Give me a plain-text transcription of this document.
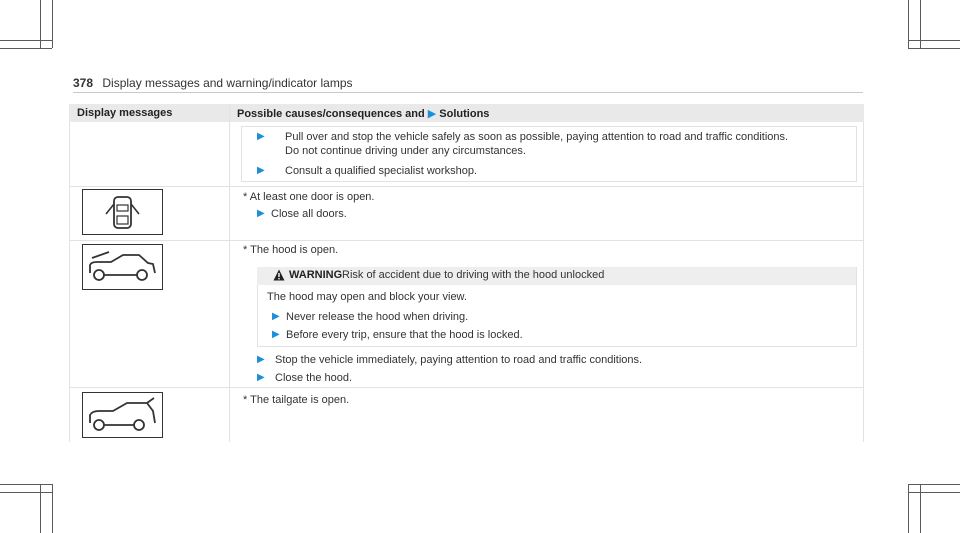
378 Display messages and warning/indicator lamps
Display messages	Possible causes/consequences and ▶ Solutions
▶ Pull over and stop the vehicle safely as soon as possible, paying attention to road and traffic conditions.
Do not continue driving under any circumstances.
▶ Consult a qualified specialist workshop.
* At least one door is open.
▶ Close all doors.
* The hood is open.
WARNING Risk of accident due to driving with the hood unlocked
The hood may open and block your view.
▶ Never release the hood when driving.
▶ Before every trip, ensure that the hood is locked.
▶ Stop the vehicle immediately, paying attention to road and traffic conditions.
▶ Close the hood.
* The tailgate is open.
